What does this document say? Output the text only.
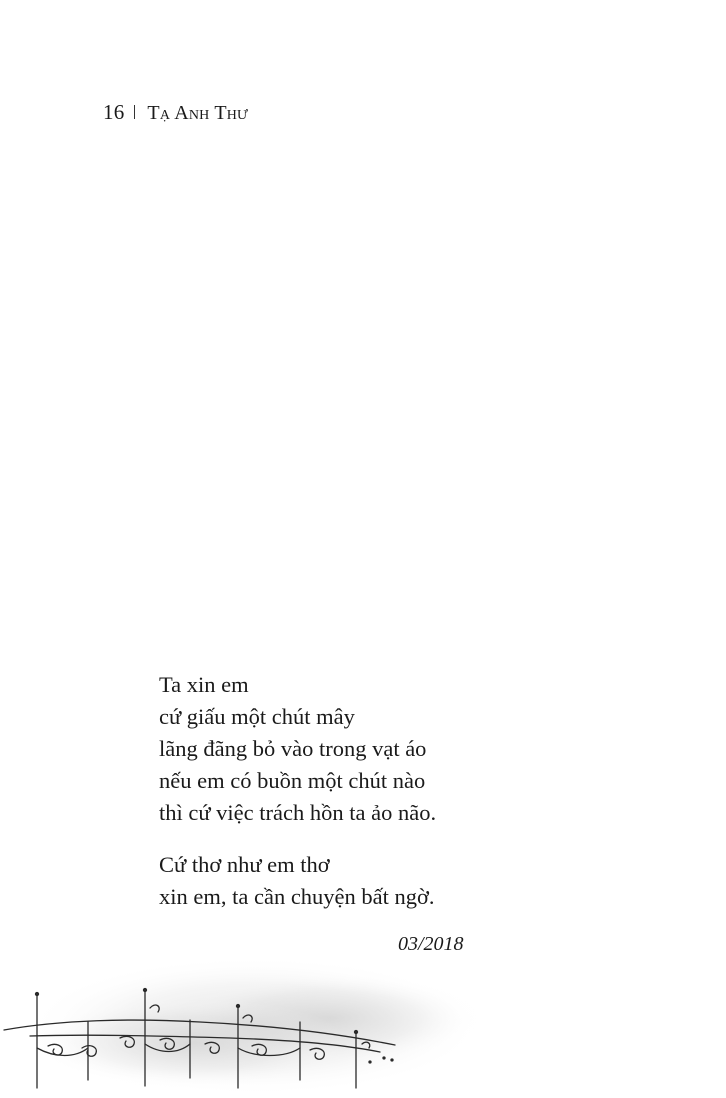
16 Tạ Anh Thư
Ta xin em
cứ giấu một chút mây
lãng đãng bỏ vào trong vạt áo
nếu em có buồn một chút nào
thì cứ việc trách hồn ta ảo não.
Cứ thơ như em thơ
xin em, ta cần chuyện bất ngờ.
03/2018
